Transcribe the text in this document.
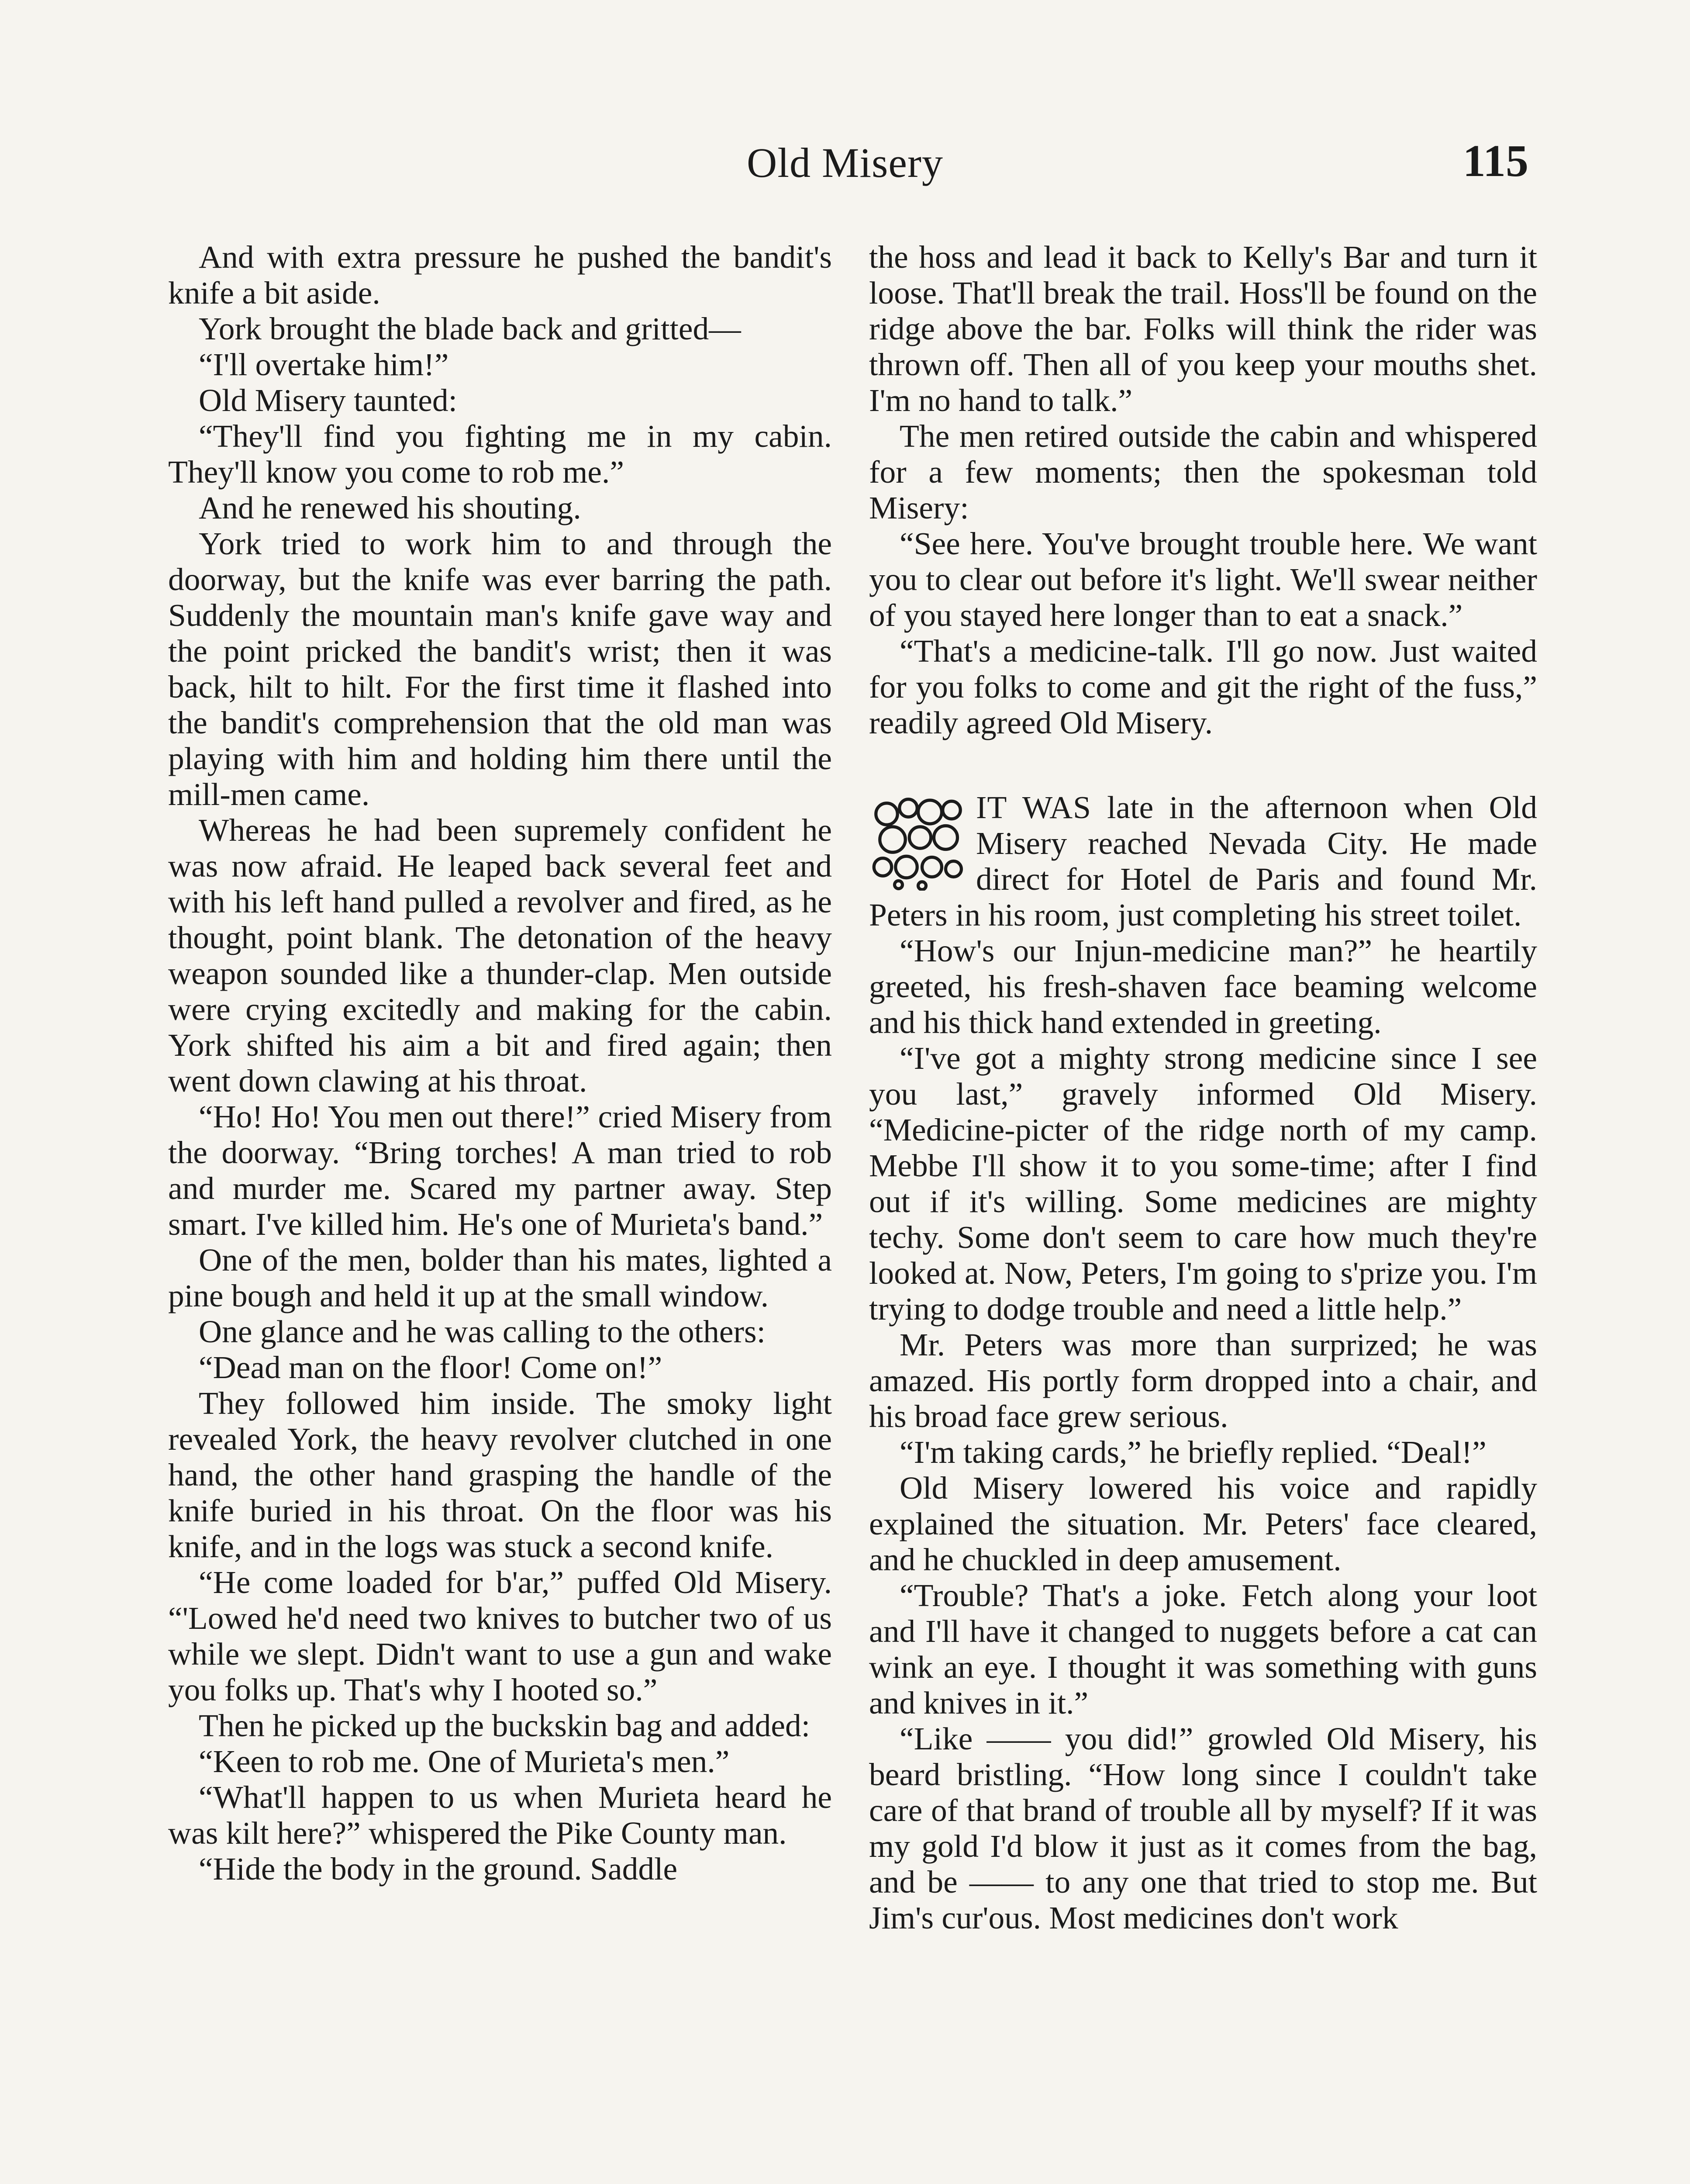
Old Misery	115

And with extra pressure he pushed the bandit's knife a bit aside.

York brought the blade back and gritted—

“I'll overtake him!”

Old Misery taunted:

“They'll find you fighting me in my cabin. They'll know you come to rob me.”

And he renewed his shouting.

York tried to work him to and through the doorway, but the knife was ever barring the path. Suddenly the mountain man's knife gave way and the point pricked the bandit's wrist; then it was back, hilt to hilt. For the first time it flashed into the bandit's comprehension that the old man was playing with him and holding him there until the mill-men came.

Whereas he had been supremely confident he was now afraid. He leaped back several feet and with his left hand pulled a revolver and fired, as he thought, point blank. The detonation of the heavy weapon sounded like a thunder-clap. Men outside were crying excitedly and making for the cabin. York shifted his aim a bit and fired again; then went down clawing at his throat.

“Ho! Ho! You men out there!” cried Misery from the doorway. “Bring torches! A man tried to rob and murder me. Scared my partner away. Step smart. I've killed him. He's one of Murieta's band.”

One of the men, bolder than his mates, lighted a pine bough and held it up at the small window.

One glance and he was calling to the others:

“Dead man on the floor! Come on!”

They followed him inside. The smoky light revealed York, the heavy revolver clutched in one hand, the other hand grasping the handle of the knife buried in his throat. On the floor was his knife, and in the logs was stuck a second knife.

“He come loaded for b'ar,” puffed Old Misery. “'Lowed he'd need two knives to butcher two of us while we slept. Didn't want to use a gun and wake you folks up. That's why I hooted so.”

Then he picked up the buckskin bag and added:

“Keen to rob me. One of Murieta's men.”

“What'll happen to us when Murieta heard he was kilt here?” whispered the Pike County man.

“Hide the body in the ground. Saddle

the hoss and lead it back to Kelly's Bar and turn it loose. That'll break the trail. Hoss'll be found on the ridge above the bar. Folks will think the rider was thrown off. Then all of you keep your mouths shet. I'm no hand to talk.”

The men retired outside the cabin and whispered for a few moments; then the spokesman told Misery:

“See here. You've brought trouble here. We want you to clear out before it's light. We'll swear neither of you stayed here longer than to eat a snack.”

“That's a medicine-talk. I'll go now. Just waited for you folks to come and git the right of the fuss,” readily agreed Old Misery.

IT WAS late in the afternoon when Old Misery reached Nevada City. He made direct for Hotel de Paris and found Mr. Peters in his room, just completing his street toilet.

“How's our Injun-medicine man?” he heartily greeted, his fresh-shaven face beaming welcome and his thick hand extended in greeting.

“I've got a mighty strong medicine since I see you last,” gravely informed Old Misery. “Medicine-picter of the ridge north of my camp. Mebbe I'll show it to you some-time; after I find out if it's willing. Some medicines are mighty techy. Some don't seem to care how much they're looked at. Now, Peters, I'm going to s'prize you. I'm trying to dodge trouble and need a little help.”

Mr. Peters was more than surprized; he was amazed. His portly form dropped into a chair, and his broad face grew serious.

“I'm taking cards,” he briefly replied. “Deal!”

Old Misery lowered his voice and rapidly explained the situation. Mr. Peters' face cleared, and he chuckled in deep amusement.

“Trouble? That's a joke. Fetch along your loot and I'll have it changed to nuggets before a cat can wink an eye. I thought it was something with guns and knives in it.”

“Like —— you did!” growled Old Misery, his beard bristling. “How long since I couldn't take care of that brand of trouble all by myself? If it was my gold I'd blow it just as it comes from the bag, and be —— to any one that tried to stop me. But Jim's cur'ous. Most medicines don't work
